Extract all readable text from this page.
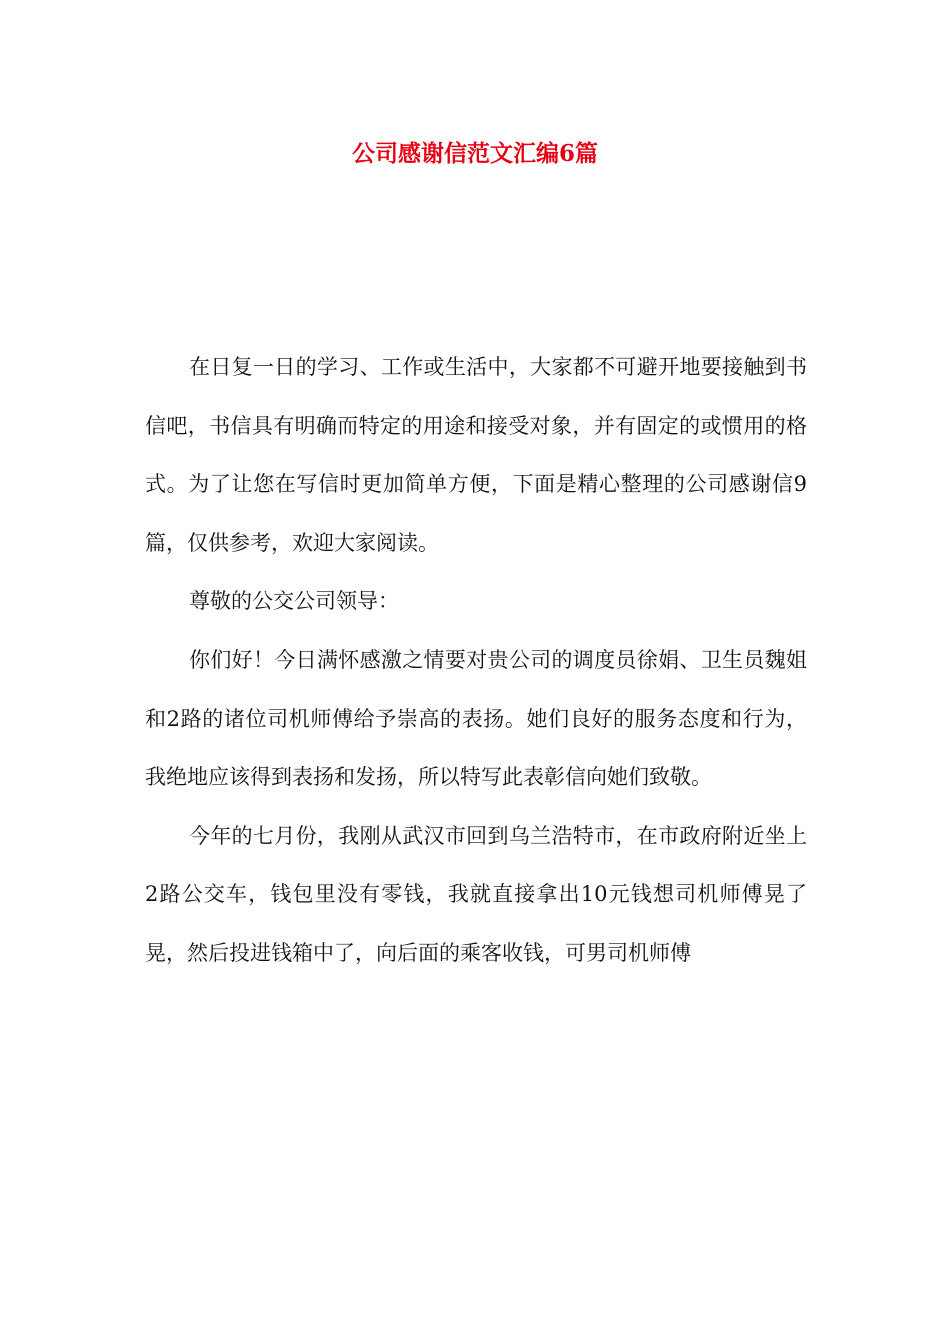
公司感谢信范文汇编6篇

在日复一日的学习、工作或生活中，大家都不可避开地要接触到书信吧，书信具有明确而特定的用途和接受对象，并有固定的或惯用的格式。为了让您在写信时更加简单方便，下面是精心整理的公司感谢信9篇，仅供参考，欢迎大家阅读。

尊敬的公交公司领导：

你们好！今日满怀感激之情要对贵公司的调度员徐娟、卫生员魏姐和2路的诸位司机师傅给予崇高的表扬。她们良好的服务态度和行为，我绝地应该得到表扬和发扬，所以特写此表彰信向她们致敬。

今年的七月份，我刚从武汉市回到乌兰浩特市，在市政府附近坐上2路公交车，钱包里没有零钱，我就直接拿出10元钱想司机师傅晃了晃，然后投进钱箱中了，向后面的乘客收钱，可男司机师傅
